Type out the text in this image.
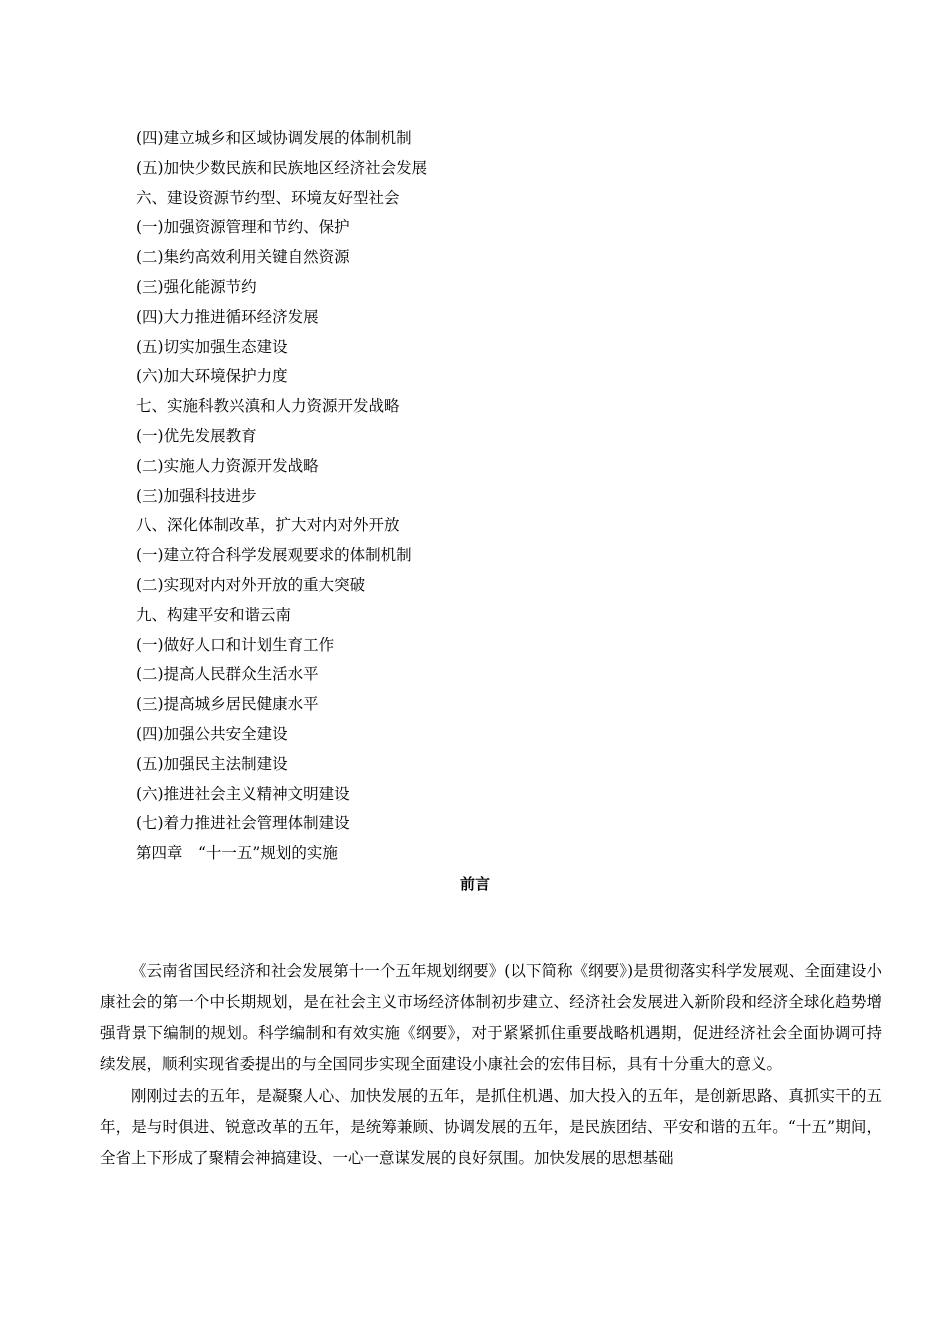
(四)建立城乡和区域协调发展的体制机制
(五)加快少数民族和民族地区经济社会发展
六、建设资源节约型、环境友好型社会
(一)加强资源管理和节约、保护
(二)集约高效利用关键自然资源
(三)强化能源节约
(四)大力推进循环经济发展
(五)切实加强生态建设
(六)加大环境保护力度
七、实施科教兴滇和人力资源开发战略
(一)优先发展教育
(二)实施人力资源开发战略
(三)加强科技进步
八、深化体制改革，扩大对内对外开放
(一)建立符合科学发展观要求的体制机制
(二)实现对内对外开放的重大突破
九、构建平安和谐云南
(一)做好人口和计划生育工作
(二)提高人民群众生活水平
(三)提高城乡居民健康水平
(四)加强公共安全建设
(五)加强民主法制建设
(六)推进社会主义精神文明建设
(七)着力推进社会管理体制建设
第四章　“十一五”规划的实施
前言

《云南省国民经济和社会发展第十一个五年规划纲要》(以下简称《纲要》)是贯彻落实科学发展观、全面建设小康社会的第一个中长期规划，是在社会主义市场经济体制初步建立、经济社会发展进入新阶段和经济全球化趋势增强背景下编制的规划。科学编制和有效实施《纲要》，对于紧紧抓住重要战略机遇期，促进经济社会全面协调可持续发展，顺利实现省委提出的与全国同步实现全面建设小康社会的宏伟目标，具有十分重大的意义。

刚刚过去的五年，是凝聚人心、加快发展的五年，是抓住机遇、加大投入的五年，是创新思路、真抓实干的五年，是与时俱进、锐意改革的五年，是统筹兼顾、协调发展的五年，是民族团结、平安和谐的五年。“十五”期间，全省上下形成了聚精会神搞建设、一心一意谋发展的良好氛围。加快发展的思想基础
